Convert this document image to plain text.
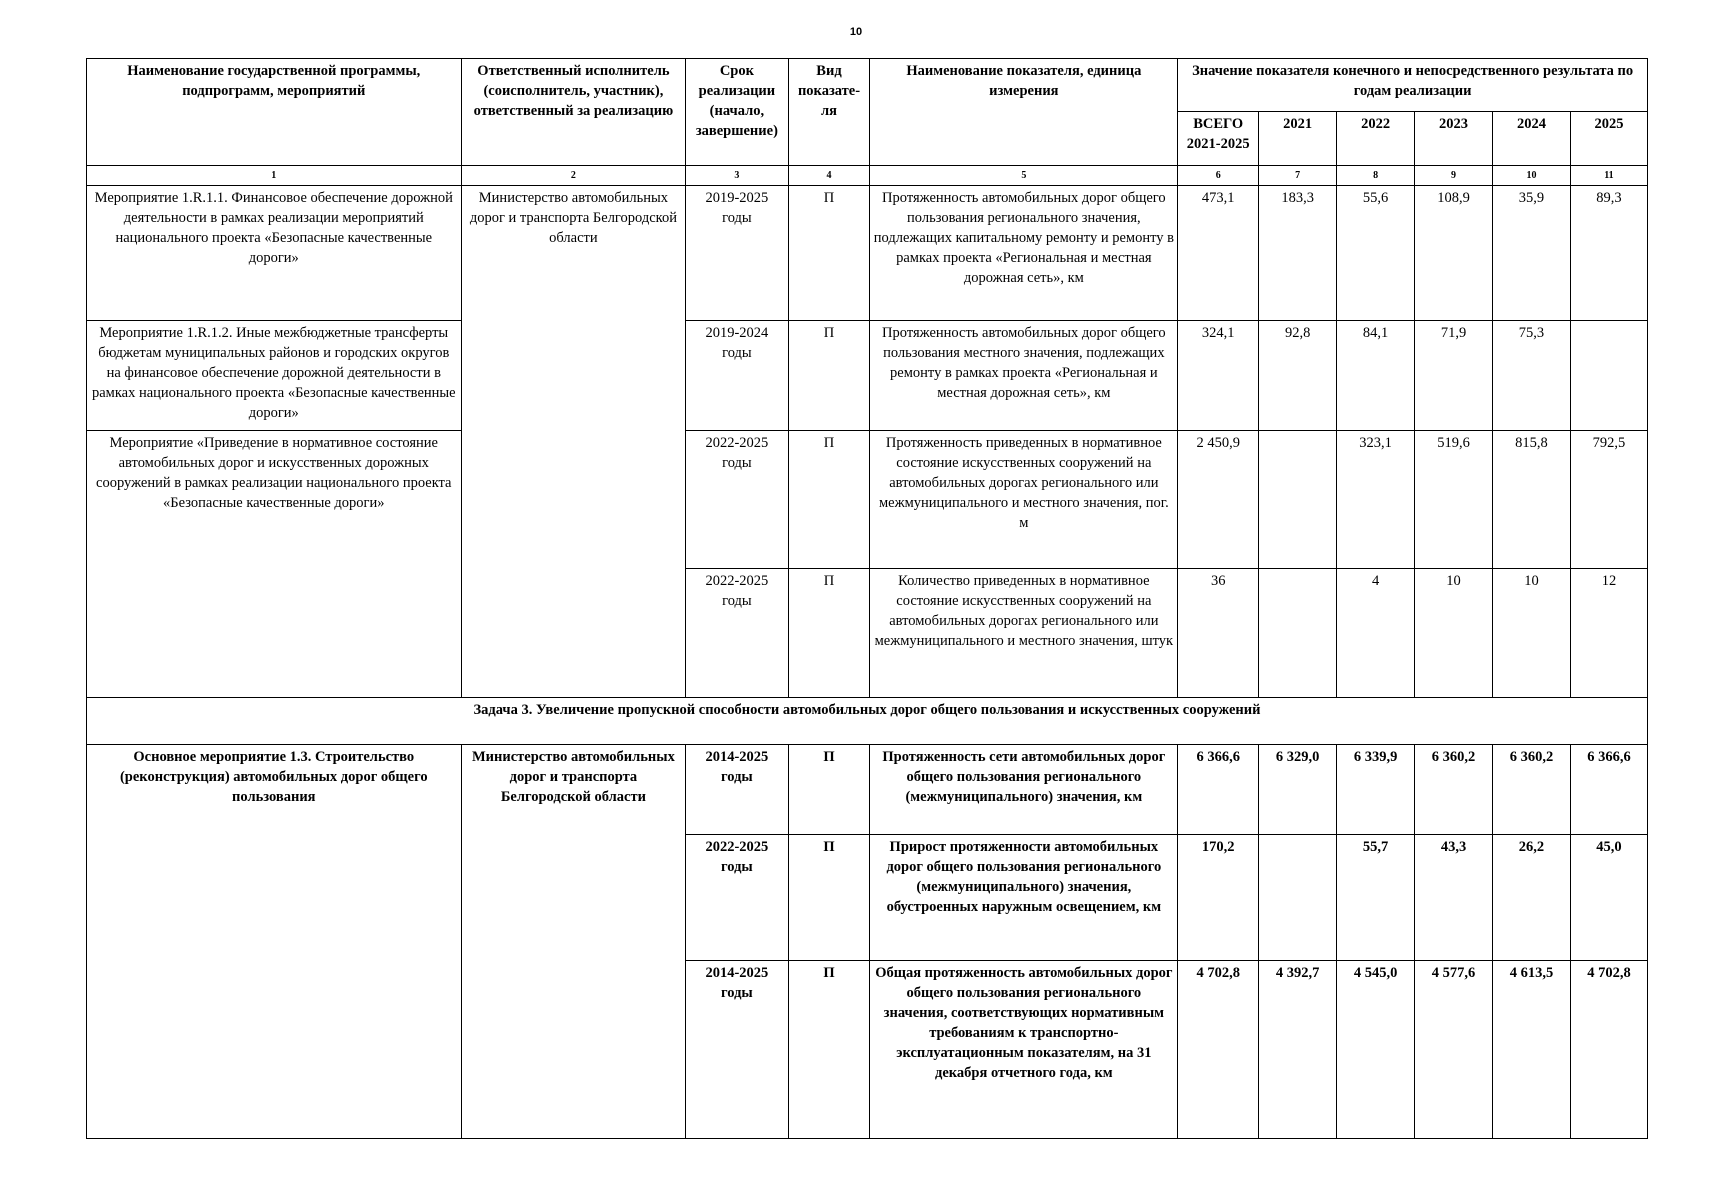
10
Наименование государственной программы, подпрограмм, мероприятий	Ответственный исполнитель (соисполнитель, участник), ответственный за реализацию	Срок реализации (начало, завершение)	Вид показате-ля	Наименование показателя, единица измерения	Значение показателя конечного и непосредственного результата по годам реализации					
					ВСЕГО 2021-2025	2021	2022	2023	2024	2025
1	2	3	4	5	6	7	8	9	10	11
Мероприятие 1.R.1.1. Финансовое обеспечение дорожной деятельности в рамках реализации мероприятий национального проекта «Безопасные качественные дороги»	Министерство автомобильных дорог и транспорта Белгородской области	2019-2025 годы	П	Протяженность автомобильных дорог общего пользования регионального значения, подлежащих капитальному ремонту и ремонту в рамках проекта «Региональная и местная дорожная сеть», км	473,1	183,3	55,6	108,9	35,9	89,3
Мероприятие 1.R.1.2. Иные межбюджетные трансферты бюджетам муниципальных районов и городских округов на финансовое обеспечение дорожной деятельности в рамках национального проекта «Безопасные качественные дороги»		2019-2024 годы	П	Протяженность автомобильных дорог общего пользования местного значения, подлежащих ремонту в рамках проекта «Региональная и местная дорожная сеть», км	324,1	92,8	84,1	71,9	75,3	
Мероприятие «Приведение в нормативное состояние автомобильных дорог и искусственных дорожных сооружений в рамках реализации национального проекта «Безопасные качественные дороги»		2022-2025 годы	П	Протяженность приведенных в нормативное состояние искусственных сооружений на автомобильных дорогах регионального или межмуниципального и местного значения, пог. м	2 450,9		323,1	519,6	815,8	792,5
		2022-2025 годы	П	Количество приведенных в нормативное состояние искусственных сооружений на автомобильных дорогах регионального или межмуниципального и местного значения, штук	36		4	10	10	12
Задача 3. Увеличение пропускной способности автомобильных дорог общего пользования и искусственных сооружений										
Основное мероприятие 1.3. Строительство (реконструкция) автомобильных дорог общего пользования	Министерство автомобильных дорог и транспорта Белгородской области	2014-2025 годы	П	Протяженность сети автомобильных дорог общего пользования регионального (межмуниципального) значения, км	6 366,6	6 329,0	6 339,9	6 360,2	6 360,2	6 366,6
		2022-2025 годы	П	Прирост протяженности автомобильных дорог общего пользования регионального (межмуниципального) значения, обустроенных наружным освещением, км	170,2		55,7	43,3	26,2	45,0
		2014-2025 годы	П	Общая протяженность автомобильных дорог общего пользования регионального значения, соответствующих нормативным требованиям к транспортно-эксплуатационным показателям, на 31 декабря отчетного года, км	4 702,8	4 392,7	4 545,0	4 577,6	4 613,5	4 702,8
